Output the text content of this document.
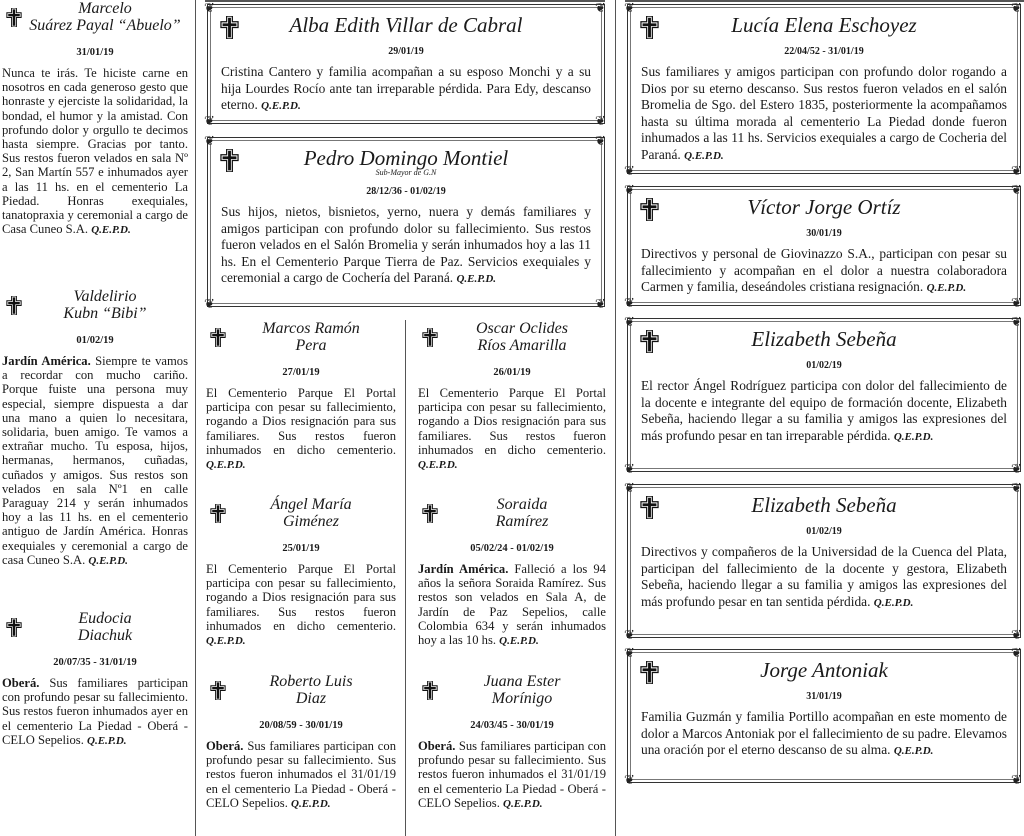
Marcelo
Suárez Payal “Abuelo”
31/01/19
Nunca te irás. Te hiciste carne en nosotros en cada generoso gesto que honraste y ejerciste la solidaridad, la bondad, el humor y la amistad. Con profundo dolor y orgullo te decimos hasta siempre. Gracias por tanto. Sus restos fueron velados en sala Nº 2, San Martín 557 e inhumados ayer a las 11 hs. en el cementerio La Piedad. Honras exequiales, tanatopraxia y ceremonial a cargo de Casa Cuneo S.A. Q.E.P.D.
Valdelirio
Kubn “Bibi”
01/02/19
Jardín América. Siempre te vamos a recordar con mucho cariño. Porque fuiste una persona muy especial, siempre dispuesta a dar una mano a quien lo necesitara, solidaria, buen amigo. Te vamos a extrañar mucho. Tu esposa, hijos, hermanas, hermanos, cuñadas, cuñados y amigos. Sus restos son velados en sala Nº1 en calle Paraguay 214 y serán inhumados hoy a las 11 hs. en el cementerio antiguo de Jardín América. Honras exequiales y ceremonial a cargo de casa Cuneo S.A. Q.E.P.D.
Eudocia
Diachuk
20/07/35 - 31/01/19
Oberá. Sus familiares participan con profundo pesar su fallecimiento. Sus restos fueron inhumados ayer en el cementerio La Piedad - Oberá - CELO Sepelios. Q.E.P.D.
❦	❦
❦	❦
Alba Edith Villar de Cabral
29/01/19
Cristina Cantero y familia acompañan a su esposo Monchi y a su hija Lourdes Rocío ante tan irreparable pérdida. Para Edy, descanso eterno. Q.E.P.D.
❦	❦
❦	❦
Pedro Domingo Montiel
Sub-Mayor de G.N
28/12/36 - 01/02/19
Sus hijos, nietos, bisnietos, yerno, nuera y demás familiares y amigos participan con profundo dolor su fallecimiento. Sus restos fueron velados en el Salón Bromelia y serán inhumados hoy a las 11 hs. En el Cementerio Parque Tierra de Paz. Servicios exequiales y ceremonial a cargo de Cochería del Paraná. Q.E.P.D.
Marcos Ramón
Pera
27/01/19
El Cementerio Parque El Portal participa con pesar su fallecimiento, rogando a Dios resignación para sus familiares. Sus restos fueron inhumados en dicho cementerio. Q.E.P.D.
Ángel María
Giménez
25/01/19
El Cementerio Parque El Portal participa con pesar su fallecimiento, rogando a Dios resignación para sus familiares. Sus restos fueron inhumados en dicho cementerio. Q.E.P.D.
Roberto Luis
Diaz
20/08/59 - 30/01/19
Oberá. Sus familiares participan con profundo pesar su fallecimiento. Sus restos fueron inhumados el 31/01/19 en el cementerio La Piedad - Oberá - CELO Sepelios. Q.E.P.D.
Oscar Oclides
Ríos Amarilla
26/01/19
El Cementerio Parque El Portal participa con pesar su fallecimiento, rogando a Dios resignación para sus familiares. Sus restos fueron inhumados en dicho cementerio. Q.E.P.D.
Soraida
Ramírez
05/02/24 - 01/02/19
Jardín América. Falleció a los 94 años la señora Soraida Ramírez. Sus restos son velados en Sala A, de Jardín de Paz Sepelios, calle Colombia 634 y serán inhumados hoy a las 10 hs. Q.E.P.D.
Juana Ester
Morínigo
24/03/45 - 30/01/19
Oberá. Sus familiares participan con profundo pesar su fallecimiento. Sus restos fueron inhumados el 31/01/19 en el cementerio La Piedad - Oberá - CELO Sepelios. Q.E.P.D.
❦	❦
❦	❦
Lucía Elena Eschoyez
22/04/52 - 31/01/19
Sus familiares y amigos participan con profundo dolor rogando a Dios por su eterno descanso. Sus restos fueron velados en el salón Bromelia de Sgo. del Estero 1835, posteriormente la acompañamos hasta su última morada al cementerio La Piedad donde fueron inhumados a las 11 hs. Servicios exequiales a cargo de Cocheria del Paraná. Q.E.P.D.
❦	❦
❦	❦
Víctor Jorge Ortíz
30/01/19
Directivos y personal de Giovinazzo S.A., participan con pesar su fallecimiento y acompañan en el dolor a nuestra colaboradora Carmen y familia, deseándoles cristiana resignación. Q.E.P.D.
❦	❦
❦	❦
Elizabeth Sebeña
01/02/19
El rector Ángel Rodríguez participa con dolor del fallecimiento de la docente e integrante del equipo de formación docente, Elizabeth Sebeña, haciendo llegar a su familia y amigos las expresiones del más profundo pesar en tan irreparable pérdida. Q.E.P.D.
❦	❦
❦	❦
Elizabeth Sebeña
01/02/19
Directivos y compañeros de la Universidad de la Cuenca del Plata, participan del fallecimiento de la docente y gestora, Elizabeth Sebeña, haciendo llegar a su familia y amigos las expresiones del más profundo pesar en tan sentida pérdida. Q.E.P.D.
❦	❦
❦	❦
Jorge Antoniak
31/01/19
Familia Guzmán y familia Portillo acompañan en este momento de dolor a Marcos Antoniak por el fallecimiento de su padre. Elevamos una oración por el eterno descanso de su alma. Q.E.P.D.
